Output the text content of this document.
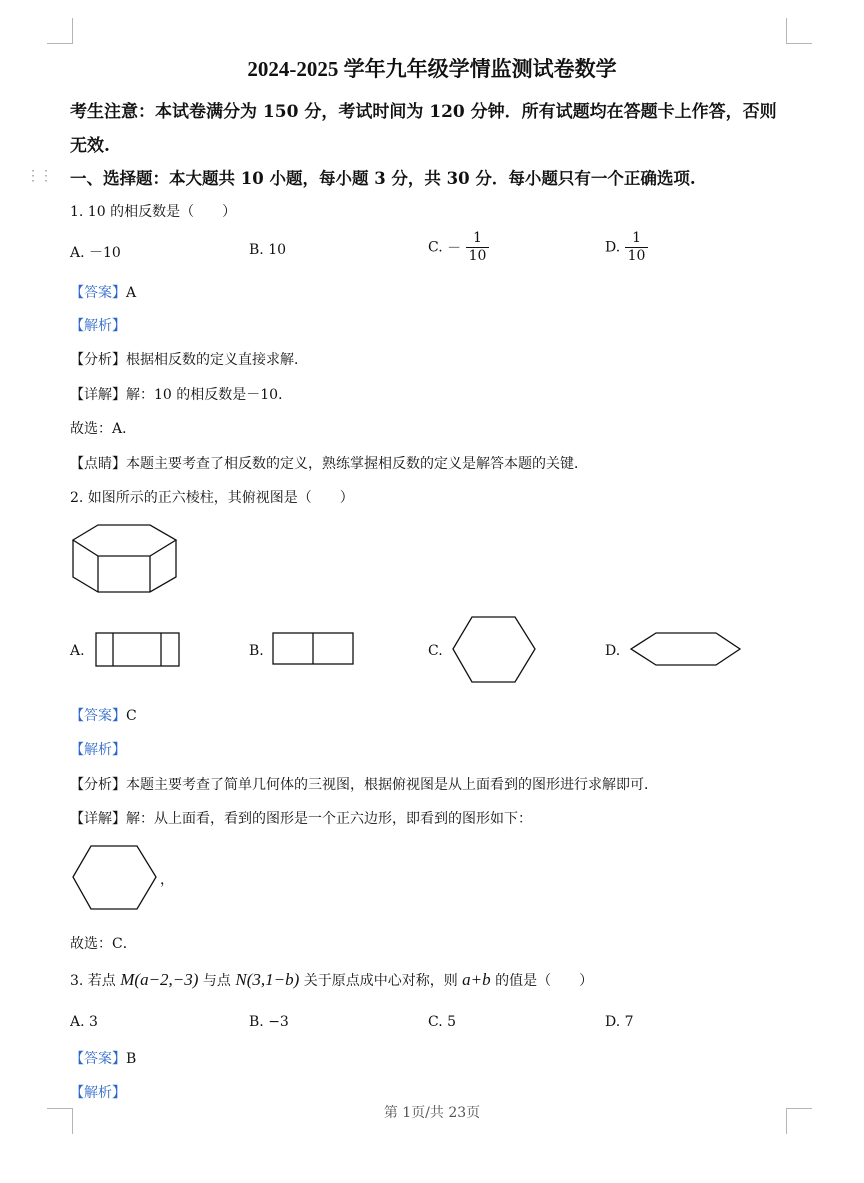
2024-2025 学年九年级学情监测试卷数学
考生注意：本试卷满分为 150 分，考试时间为 120 分钟．所有试题均在答题卡上作答，否则
无效.
⋮⋮ 一、选择题：本大题共 10 小题，每小题 3 分，共 30 分．每小题只有一个正确选项.
1. 10 的相反数是（　　）
A. －10	B. 10	C. － $\frac{1}{10}$	D. $\frac{1}{10}$
【答案】A
【解析】
【分析】根据相反数的定义直接求解．
【详解】解：10 的相反数是－10．
故选：A．
【点睛】本题主要考查了相反数的定义，熟练掌握相反数的定义是解答本题的关键．
2. 如图所示的正六棱柱，其俯视图是（　　）
A.	B.	C.	D.
【答案】C
【解析】
【分析】本题主要考查了简单几何体的三视图，根据俯视图是从上面看到的图形进行求解即可．
【详解】解：从上面看，看到的图形是一个正六边形，即看到的图形如下：
，
故选：C．
3. 若点 M(a−2,−3) 与点 N(3,1−b) 关于原点成中心对称，则 a+b 的值是（　　）
A. 3	B. −3	C. 5	D. 7
【答案】B
【解析】
第 1页/共 23页
